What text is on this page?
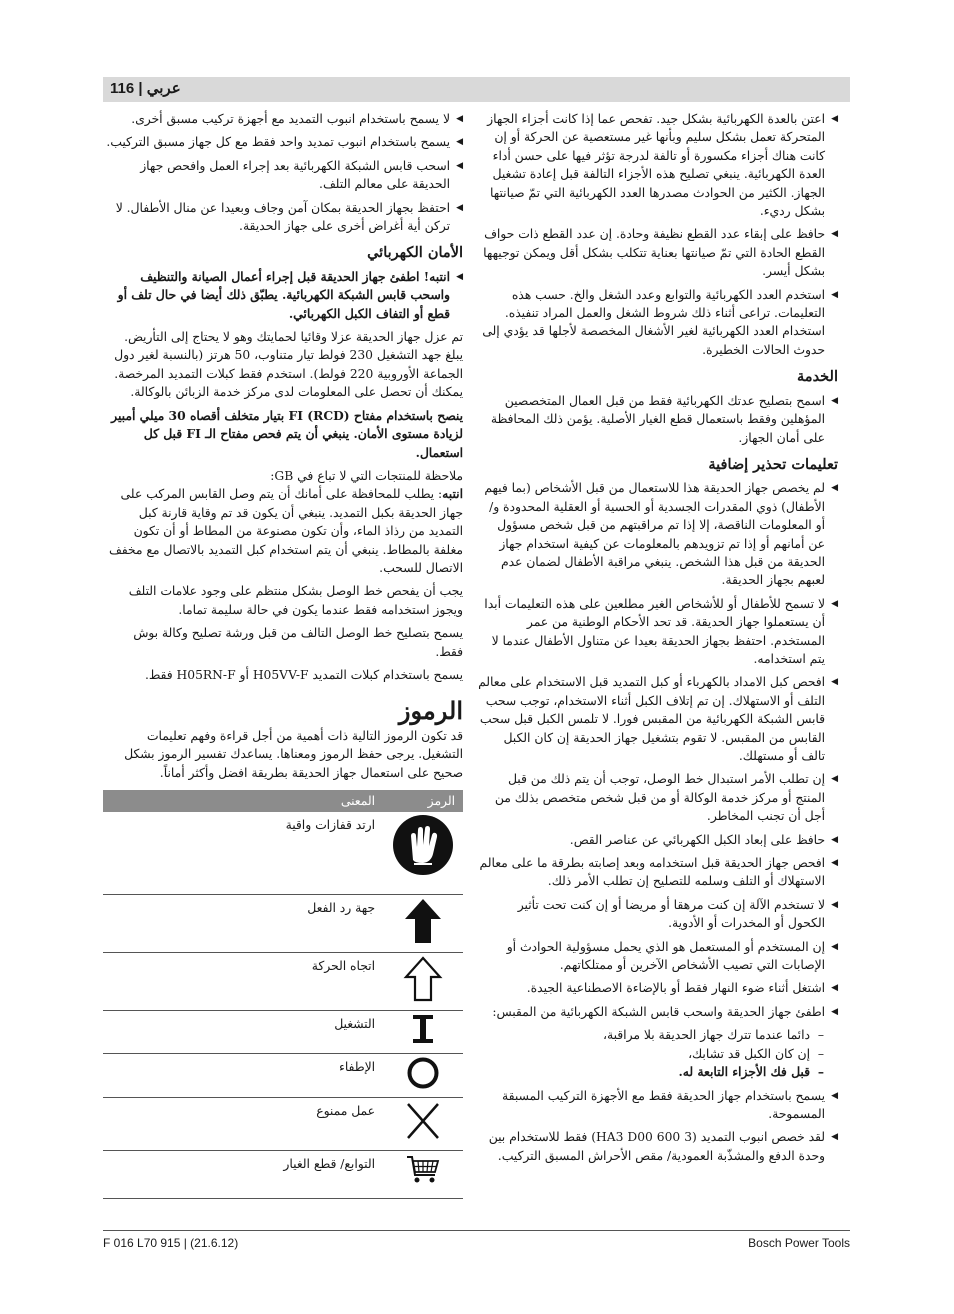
116 | عربي
◀ اعتن بالعدة الكهربائية بشكل جيد. تفحص عما إذا كانت أجزاء الجهاز المتحركة تعمل بشكل سليم وبأنها غير مستعصية عن الحركة أو إن كانت هناك أجزاء مكسورة أو تالفة لدرجة تؤثر فيها على حسن أداء العدة الكهربائية. ينبغي تصليح هذه الأجزاء التالفة قبل إعادة تشغيل الجهاز. الكثير من الحوادث مصدرها العدد الكهربائية التي تمّ صيانتها بشكل رديء.
◀ حافظ على إبقاء عدد القطع نظيفة وحادة. إن عدد القطع ذات حواف القطع الحادة التي تمّ صيانتها بعناية تتكلب بشكل أقل ويمكن توجيهها بشكل أيسر.
◀ استخدم العدد الكهربائية والتوابع وعدد الشغل والخ. حسب هذه التعليمات. تراعى أثناء ذلك شروط الشغل والعمل المراد تنفيذه. استخدام العدد الكهربائية لغير الأشغال المخصصة لأجلها قد يؤدي إلى حدوث الحالات الخطيرة.
الخدمة
◀ اسمح بتصليح عدتك الكهربائية فقط من قبل العمال المتخصصين المؤهلين وفقط باستعمال قطع الغيار الأصلية. يؤمن ذلك المحافظة على أمان الجهاز.
تعليمات تحذير إضافية
◀ لم يخصص جهاز الحديقة هذا للاستعمال من قبل الأشخاص (بما فيهم الأطفال) ذوي المقدرات الجسدية أو الحسية أو العقلية المحدودة و/ أو المعلومات الناقصة، إلا إذا تم مراقبتهم من قبل شخص مسؤول عن أمانهم أو إذا تم تزويدهم بالمعلومات عن كيفية استخدام جهاز الحديقة من قبل هذا الشخص. ينبغي مراقبة الأطفال لضمان عدم لعبهم بجهاز الحديقة.
◀ لا تسمح للأطفال أو للأشخاص الغير مطلعين على هذه التعليمات أبدا أن يستعملوا جهاز الحديقة. قد تحد الأحكام الوطنية من عمر المستخدم. احتفظ بجهاز الحديقة بعيدا عن متناول الأطفال عندما لا يتم استخدامه.
◀ افحص كبل الامداد بالكهرباء أو كبل التمديد قبل الاستخدام على معالم التلف أو الاستهلاك. إن تم إتلاف الكبل أثناء الاستخدام، توجب سحب قابس الشبكة الكهربائية من المقبس فورا. لا تلمس الكبل قبل سحب القابس من المقبس. لا تقوم بتشغيل جهاز الحديقة إن كان الكبل تالف أو مستهلك.
◀ إن تطلب الأمر استبدال خط الوصل، توجب أن يتم ذلك من قبل المنتج أو مركز خدمة الوكالة أو من قبل شخص متخصص بذلك من أجل أن تجنب المخاطر.
◀ حافظ على إبعاد الكبل الكهربائي عن عناصر القص.
◀ افحص جهاز الحديقة قبل استخدامه وبعد إصابته بطرقة ما على معالم الاستهلاك أو التلف وسلمه للتصليح إن تطلب الأمر ذلك.
◀ لا تستخدم الآلة إن كنت مرهقا أو مريضا أو إن كنت تحت تأثير الكحول أو المخدرات أو الأدوية.
◀ إن المستخدم أو المستعمل هو الذي يحمل مسؤولية الحوادث أو الإصابات التي تصيب الأشخاص الآخرين أو ممتلكاتهم.
◀ اشتغل أثناء ضوء النهار فقط أو بالإضاءة الاصطناعية الجيدة.
◀ اطفئ جهاز الحديقة واسحب قابس الشبكة الكهربائية من المقبس:
– دائما عندما تترك جهاز الحديقة بلا مراقبة،
– إن كان الكبل قد تشابك،
– قبل فك الأجزاء التابعة له.
◀ يسمح باستخدام جهاز الحديقة فقط مع الأجهزة التركيب المسبقة المسموحة.
◀ لقد خصص انبوب التمديد (3 600 HA3 D00) فقط للاستخدام بين وحدة الدفع والمشذّبة العمودية/ مقص الأحراش المسبق التركيب.
◀ لا يسمح باستخدام انبوب التمديد مع أجهزة تركيب مسبق أخرى.
◀ يسمح باستخدام انبوب تمديد واحد فقط مع كل جهاز مسبق التركيب.
◀ اسحب قابس الشبكة الكهربائية بعد إجراء العمل وافحص جهاز الحديقة على معالم التلف.
◀ احتفظ بجهاز الحديقة بمكان آمن وجاف وبعيدا عن منال الأطفال. لا تركن أية أغراض أخرى على جهاز الحديقة.
الأمان الكهربائي
◀ انتبه! اطفئ جهاز الحديقة قبل إجراء أعمال الصيانة والتنظيف واسحب قابس الشبكة الكهربائية. يطبّق ذلك أيضا في حال تلف أو قطع أو التفاف الكبل الكهربائي.

تم عزل جهاز الحديقة عزلا وقائيا لحمايتك وهو لا يحتاج إلى التأريض. يبلغ جهد التشغيل 230 فولط تيار متناوب، 50 هرتز (بالنسبة لغير دول الجماعة الأوروبية 220 فولط). استخدم فقط كبلات التمديد المرخصة. يمكنك أن تحصل على المعلومات لدى مركز خدمة الزبائن بالوكالة.

ينصح باستخدام مفتاح (RCD) FI بتيار متخلف أقصاه 30 ميلي أمبير لزيادة مستوى الأمان. ينبغي أن يتم فحص مفتاح الـ FI قبل كل استعمال.

ملاحظة للمنتجات التي لا تباع في GB:

انتبه: يطلب للمحافظة على أمانك أن يتم وصل القابس المركب على جهاز الحديقة بكبل التمديد. ينبغي أن يكون قد تم وقاية قارنة كبل التمديد من رذاذ الماء، وأن تكون مصنوعة من المطاط أو أن تكون مغلفة بالمطاط. ينبغي أن يتم استخدام كبل التمديد بالاتصال مع مخفف الاتصال للسحب.

يجب أن يفحص خط الوصل بشكل منتظم على وجود علامات التلف ويجوز استخدامه فقط عندما يكون في حالة سليمة تماما.

يسمح بتصليح خط الوصل التالف من قبل ورشة تصليح وكالة بوش فقط.

يسمح باستخدام كبلات التمديد H05VV-F أو H05RN-F فقط.

الرموز

قد تكون الرموز التالية ذات أهمية من أجل قراءة وفهم تعليمات التشغيل. يرجى حفظ الرموز ومعناها. يساعدك تفسير الرموز بشكل صحيح على استعمال جهاز الحديقة بطريقة افضل وأكثر أماناً.

الرمز	المعنى
	ارتد قفازات واقية
	جهة رد الفعل
	اتجاه الحركة
	التشغيل
	الإطفاء
	عمل ممنوع
	التوابع/ قطع الغيار
F 016 L70 915 | (21.6.12)	Bosch Power Tools
